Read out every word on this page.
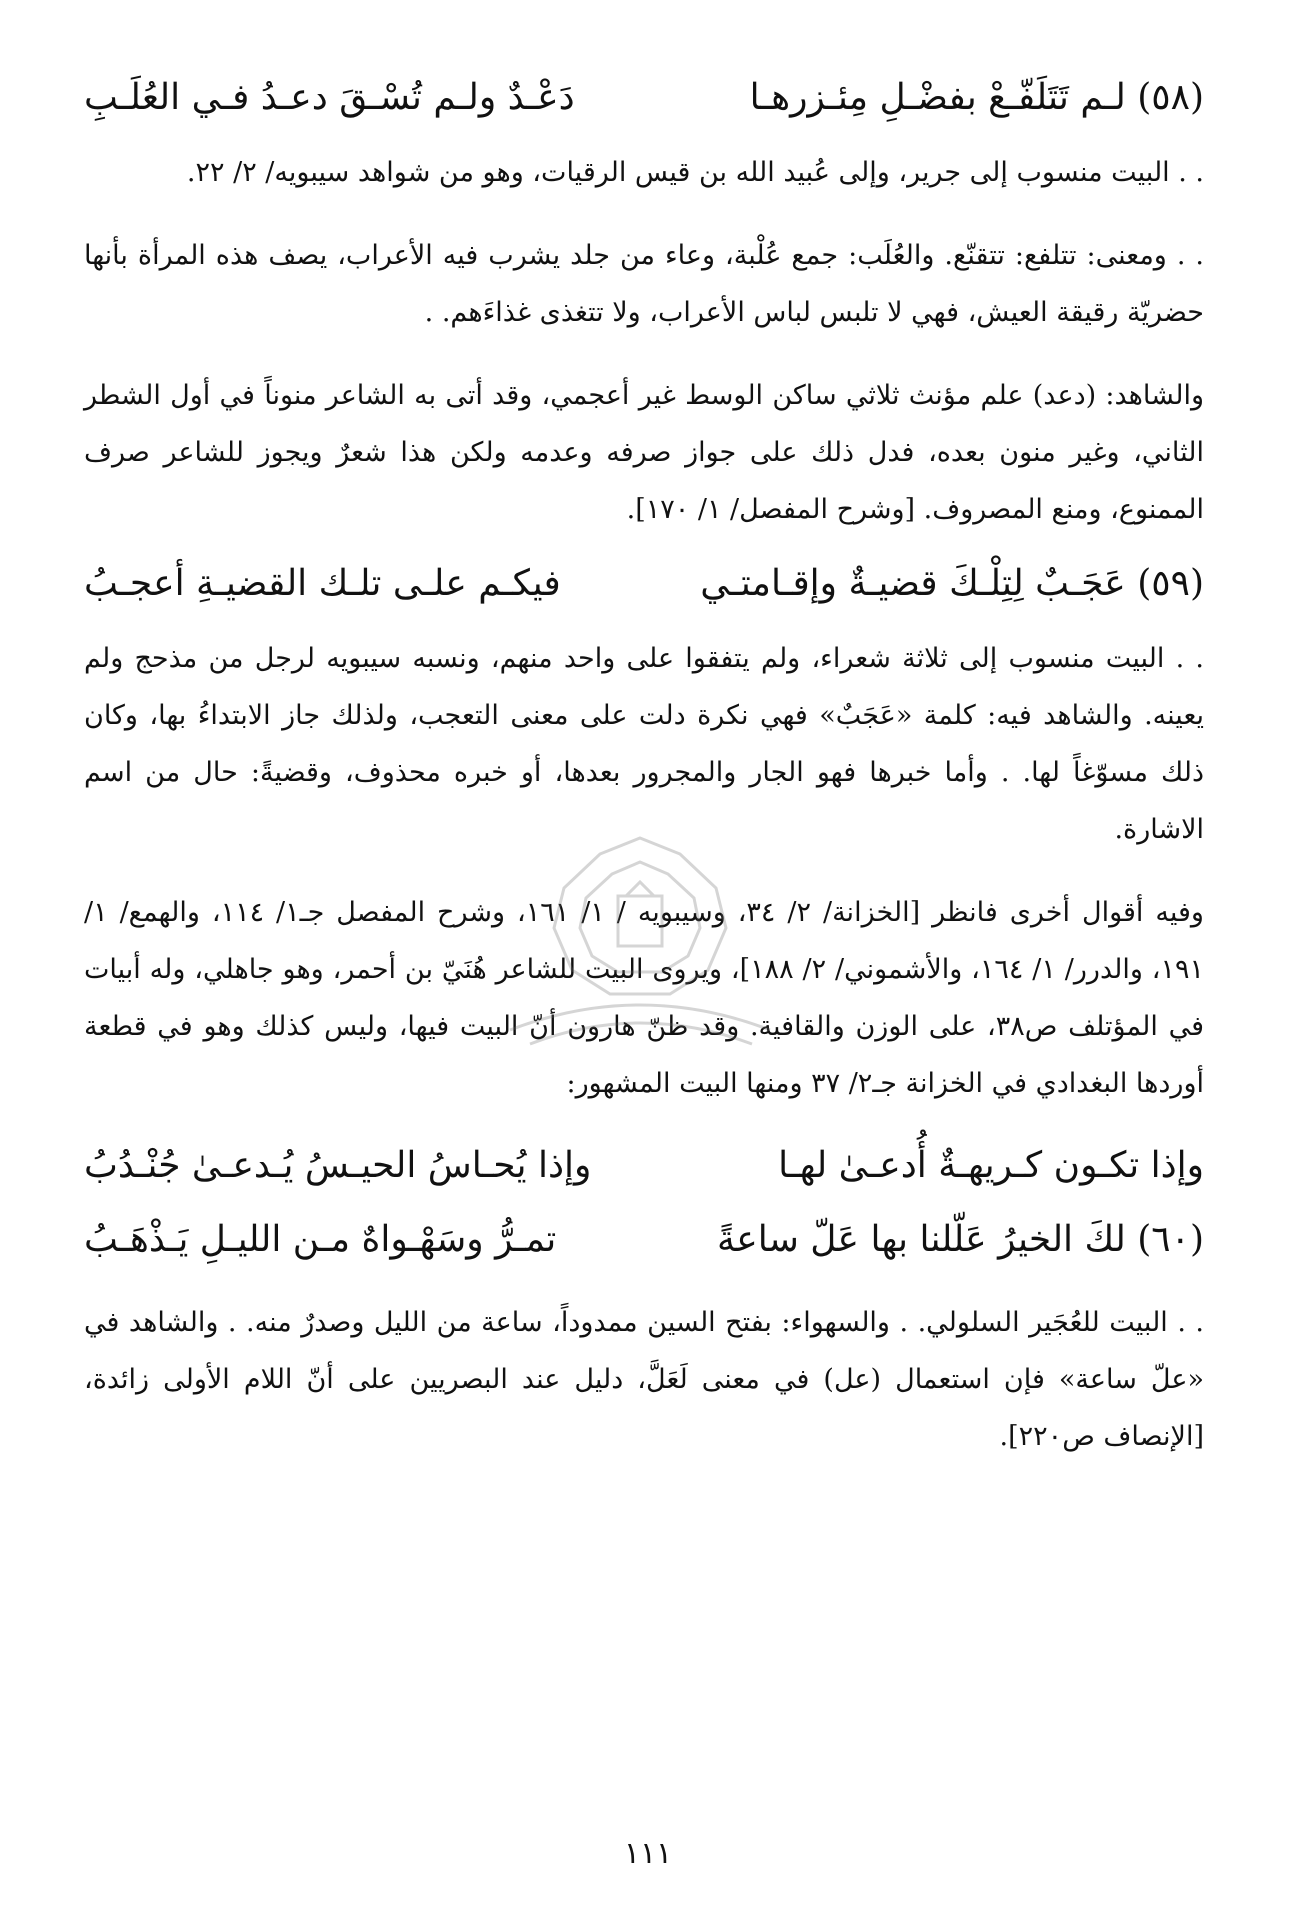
(٥٨) لـم تَتَلَفّـعْ بفضْـلِ مِئـزرهـا
دَعْـدٌ ولـم تُسْـقَ دعـدُ فـي العُلَـبِ

. . البيت منسوب إلى جرير، وإلى عُبيد الله بن قيس الرقيات، وهو من شواهد سيبويه/ ٢/ ٢٢.

. . ومعنى: تتلفع: تتقنّع. والعُلَب: جمع عُلْبة، وعاء من جلد يشرب فيه الأعراب، يصف هذه المرأة بأنها حضريّة رقيقة العيش، فهي لا تلبس لباس الأعراب، ولا تتغذى غذاءَهم. .

والشاهد: (دعد) علم مؤنث ثلاثي ساكن الوسط غير أعجمي، وقد أتى به الشاعر منوناً في أول الشطر الثاني، وغير منون بعده، فدل ذلك على جواز صرفه وعدمه ولكن هذا شعرٌ ويجوز للشاعر صرف الممنوع، ومنع المصروف. [وشرح المفصل/ ١/ ١٧٠].

(٥٩) عَجَـبٌ لِتِلْـكَ قضيـةٌ وإقـامتـي
فيكـم علـى تلـك القضيـةِ أعجـبُ

. . البيت منسوب إلى ثلاثة شعراء، ولم يتفقوا على واحد منهم، ونسبه سيبويه لرجل من مذحج ولم يعينه. والشاهد فيه: كلمة «عَجَبٌ» فهي نكرة دلت على معنى التعجب، ولذلك جاز الابتداءُ بها، وكان ذلك مسوّغاً لها. . وأما خبرها فهو الجار والمجرور بعدها، أو خبره محذوف، وقضيةً: حال من اسم الاشارة.

وفيه أقوال أخرى فانظر [الخزانة/ ٢/ ٣٤، وسيبويه / ١/ ١٦١، وشرح المفصل جـ١/ ١١٤، والهمع/ ١/ ١٩١، والدرر/ ١/ ١٦٤، والأشموني/ ٢/ ١٨٨]، ويروى البيت للشاعر هُنَيّ بن أحمر، وهو جاهلي، وله أبيات في المؤتلف ص٣٨، على الوزن والقافية. وقد ظنّ هارون أنّ البيت فيها، وليس كذلك وهو في قطعة أوردها البغدادي في الخزانة جـ٢/ ٣٧ ومنها البيت المشهور:

وإذا تكـون كـريهـةٌ أُدعـىٰ لهـا
وإذا يُحـاسُ الحيـسُ يُـدعـىٰ جُنْـدُبُ
(٦٠) لكَ الخيرُ عَلّلنا بها عَلّ ساعةً
تمـرُّ وسَهْـواهٌ مـن الليـلِ يَـذْهَـبُ

. . البيت للعُجَير السلولي. . والسهواء: بفتح السين ممدوداً، ساعة من الليل وصدرٌ منه. . والشاهد في «علّ ساعة» فإن استعمال (عل) في معنى لَعَلَّ، دليل عند البصريين على أنّ اللام الأولى زائدة، [الإنصاف ص٢٢٠].

١١١
